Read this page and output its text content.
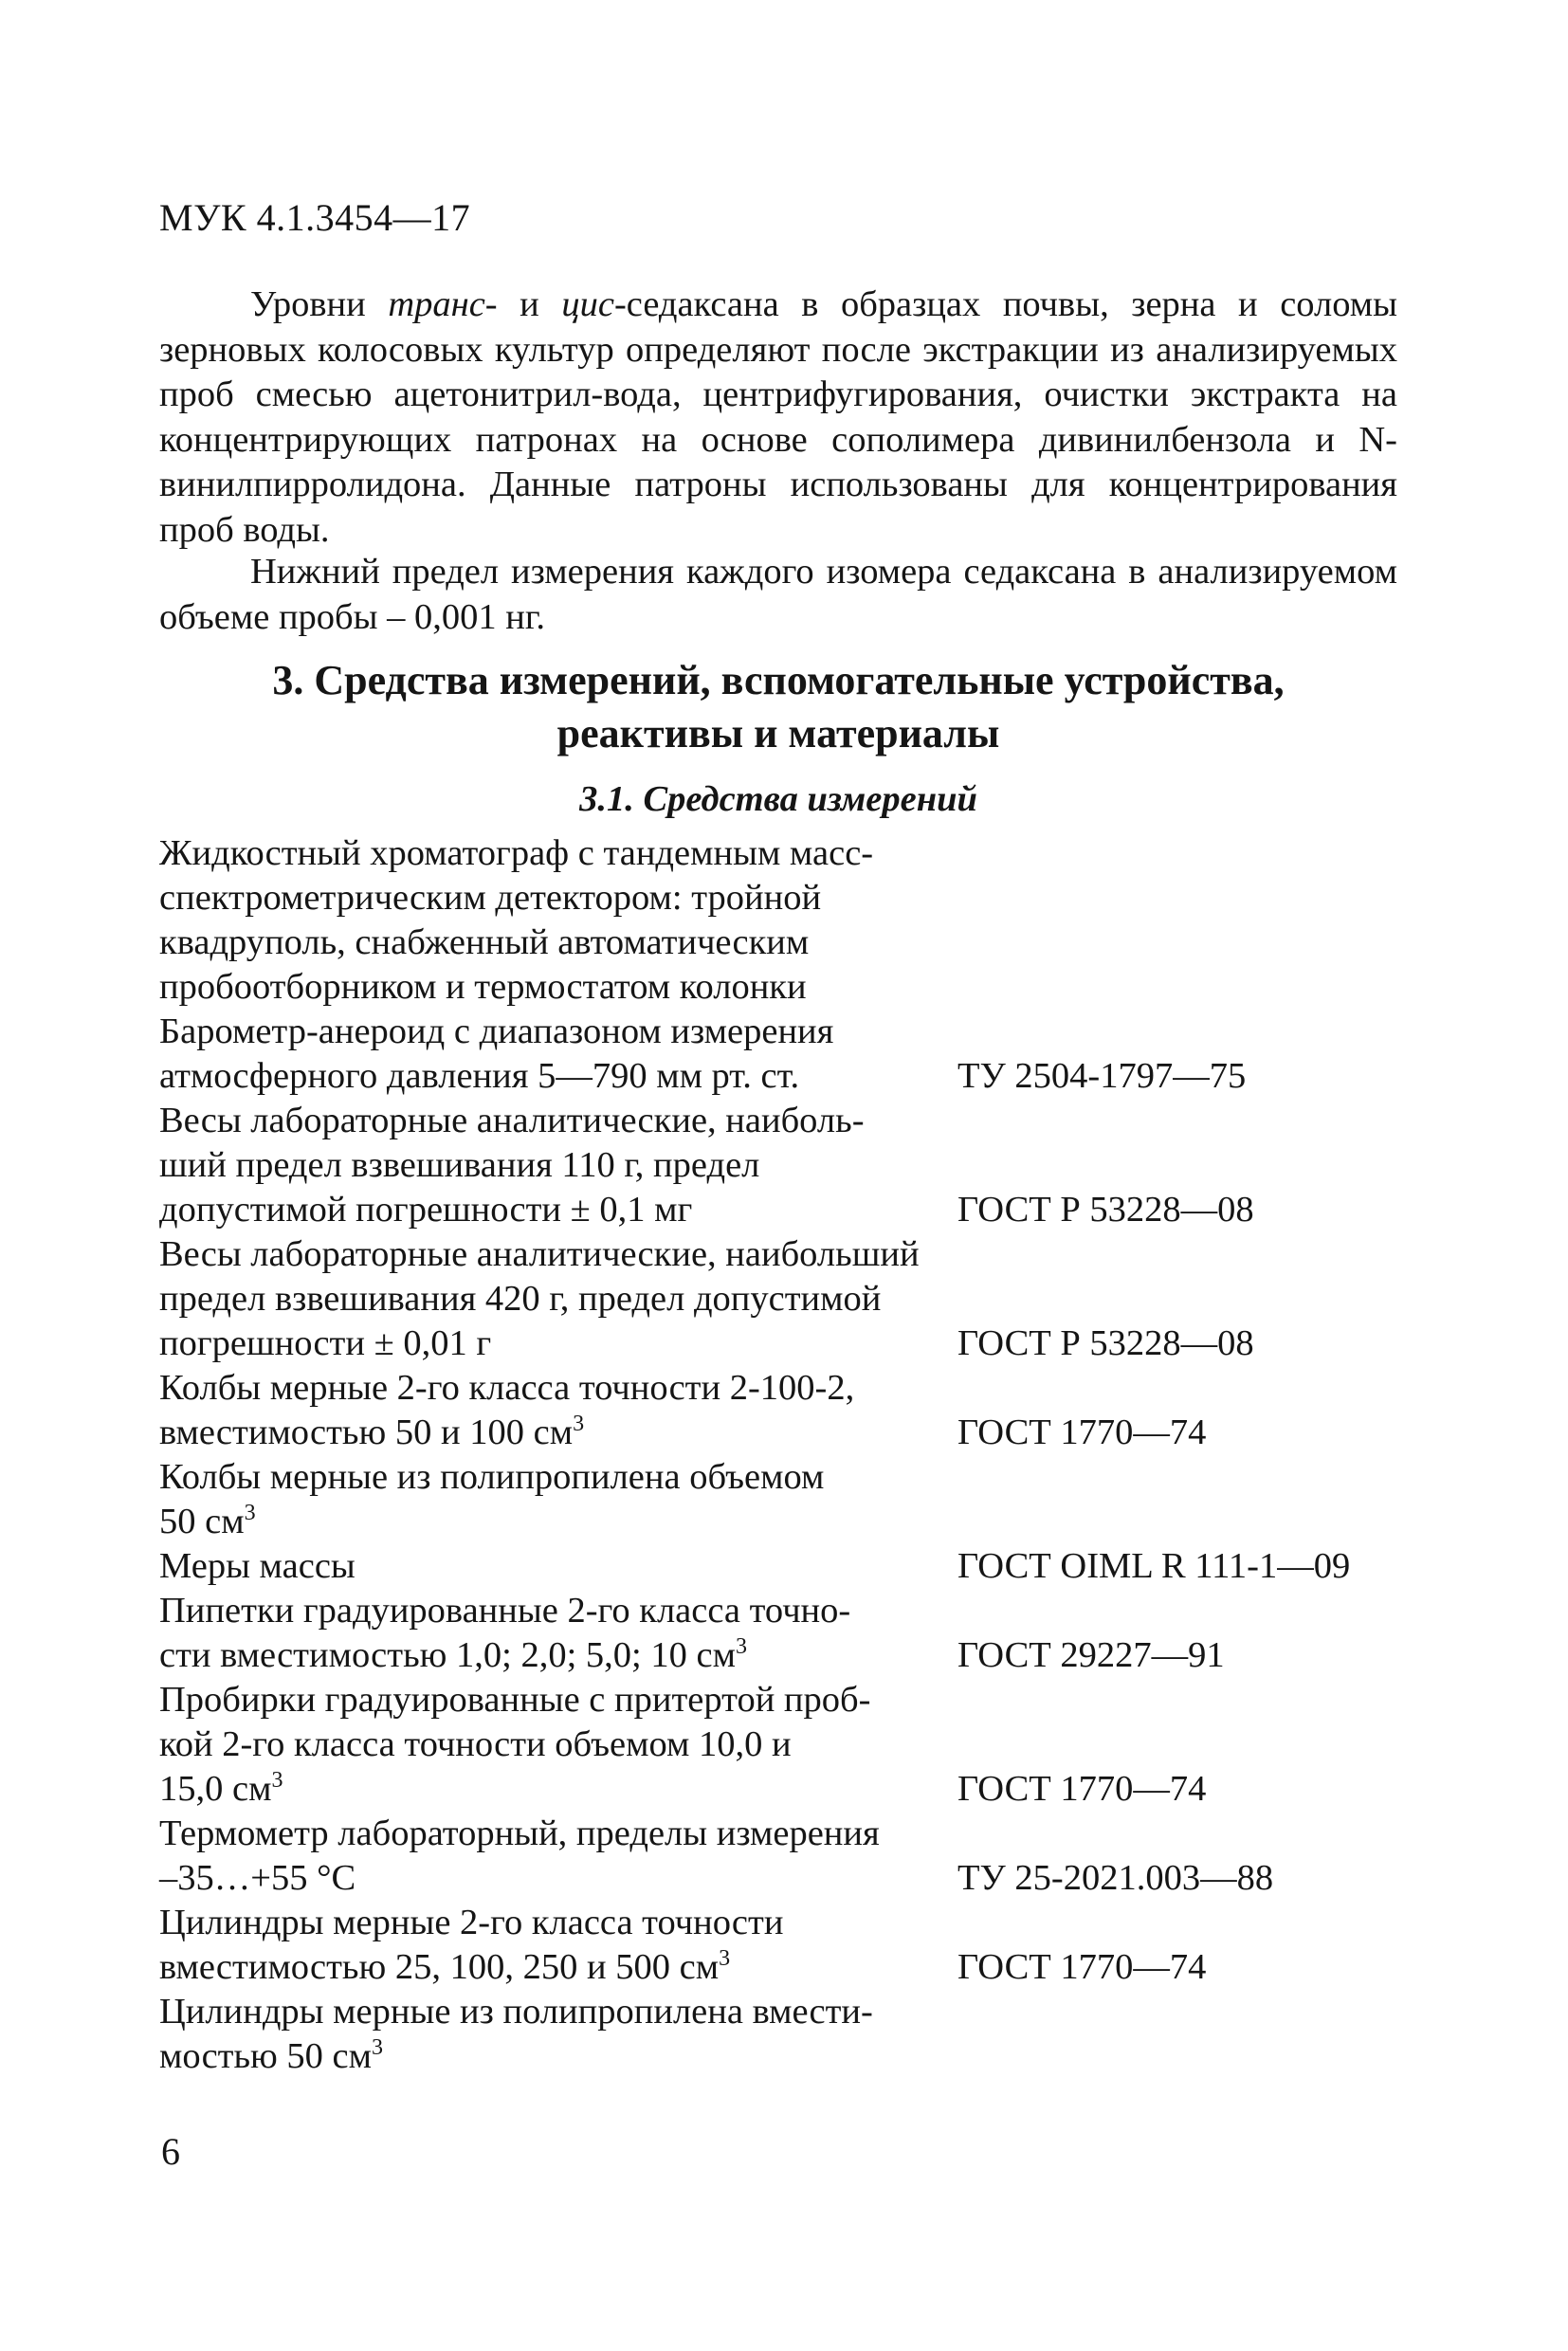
МУК 4.1.3454—17
Уровни транс- и цис-седаксана в образцах почвы, зерна и соломы зерновых колосовых культур определяют после экстракции из анализируемых проб смесью ацетонитрил-вода, центрифугирования, очистки экстракта на концентрирующих патронах на основе сополимера дивинилбензола и N-винилпирролидона. Данные патроны использованы для концентрирования проб воды.
Нижний предел измерения каждого изомера седаксана в анализируемом объеме пробы – 0,001 нг.
3. Средства измерений, вспомогательные устройства,
реактивы и материалы
3.1. Средства измерений
Жидкостный хроматограф с тандемным масс-
спектрометрическим детектором: тройной
квадруполь, снабженный автоматическим
пробоотборником и термостатом колонки
Барометр-анероид с диапазоном измерения
атмосферного давления 5—790 мм рт. ст.	ТУ 2504-1797—75
Весы лабораторные аналитические, наиболь-
ший предел взвешивания 110 г, предел
допустимой погрешности ± 0,1 мг	ГОСТ Р 53228—08
Весы лабораторные аналитические, наибольший
предел взвешивания 420 г, предел допустимой
погрешности ± 0,01 г	ГОСТ Р 53228—08
Колбы мерные 2-го класса точности 2-100-2,
вместимостью 50 и 100 $см^3$	ГОСТ 1770—74
Колбы мерные из полипропилена объемом
50 $см^3$
Меры массы	ГОСТ OIML R 111-1—09
Пипетки градуированные 2-го класса точно-
сти вместимостью 1,0; 2,0; 5,0; 10 $см^3$	ГОСТ 29227—91
Пробирки градуированные с притертой проб-
кой 2-го класса точности объемом 10,0 и
15,0 $см^3$	ГОСТ 1770—74
Термометр лабораторный, пределы измерения
–35…+55 °С	ТУ 25-2021.003—88
Цилиндры мерные 2-го класса точности
вместимостью 25, 100, 250 и 500 $см^3$	ГОСТ 1770—74
Цилиндры мерные из полипропилена вмести-
мостью 50 $см^3$
6
